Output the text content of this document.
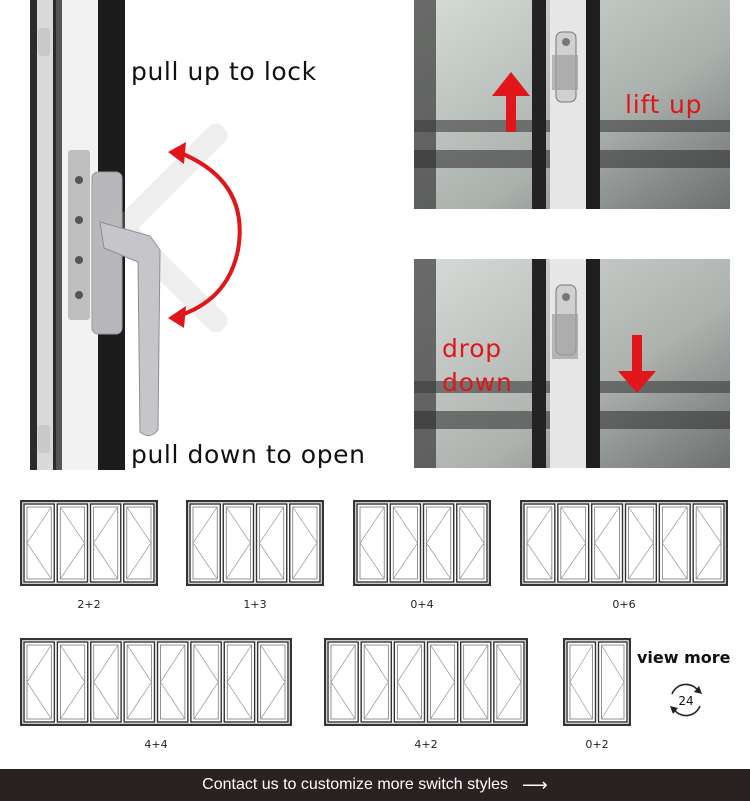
pull up to lock
pull down to open
lift up
drop
down
2+2	1+3	0+4	0+6
4+4	4+2	0+2
view more
24
Contact us to customize more switch styles ⟶
